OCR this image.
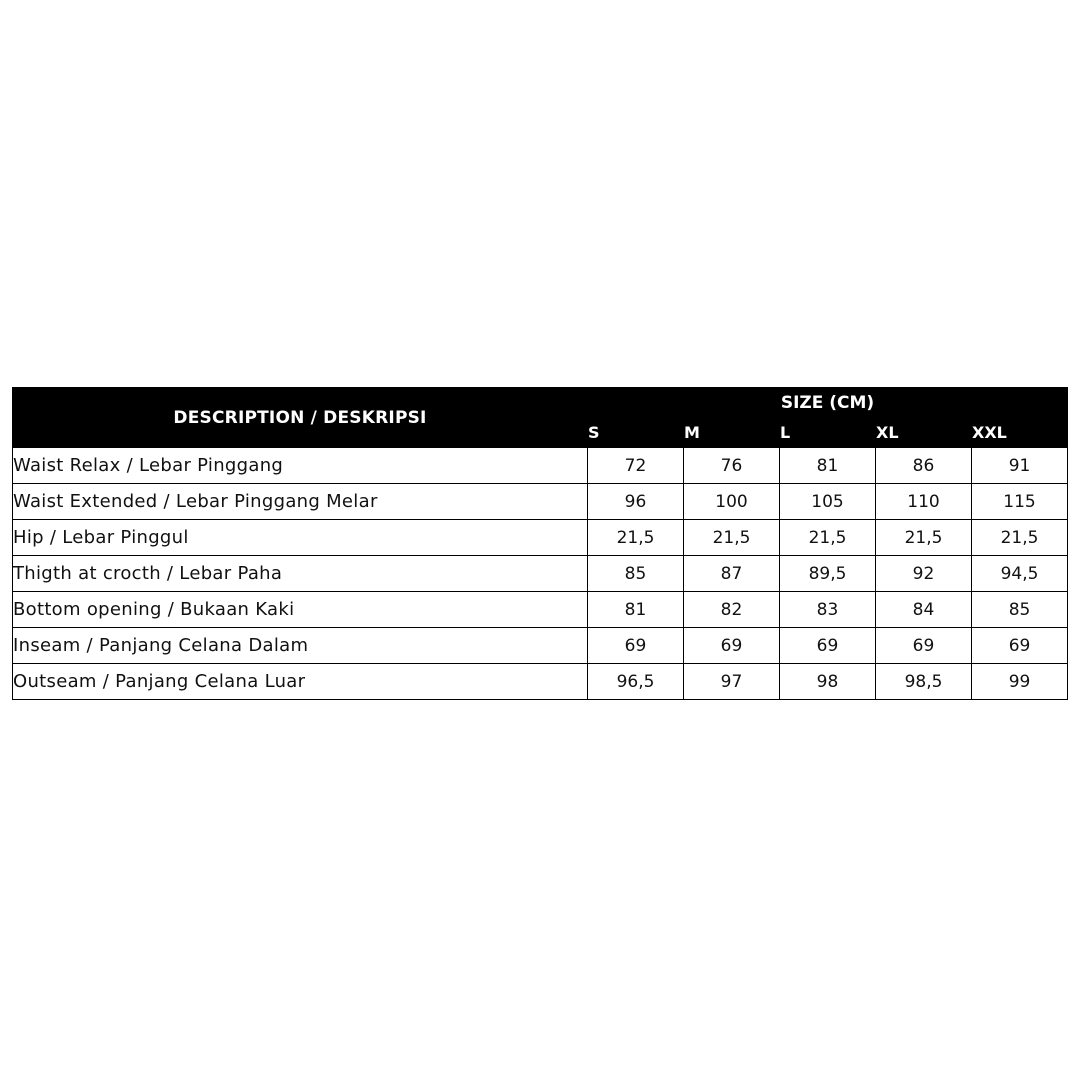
DESCRIPTION / DESKRIPSI	SIZE (CM)				
	S	M	L	XL	XXL
Waist Relax / Lebar Pinggang	72	76	81	86	91
Waist Extended / Lebar Pinggang Melar	96	100	105	110	115
Hip / Lebar Pinggul	21,5	21,5	21,5	21,5	21,5
Thigth at crocth / Lebar Paha	85	87	89,5	92	94,5
Bottom opening / Bukaan Kaki	81	82	83	84	85
Inseam / Panjang Celana Dalam	69	69	69	69	69
Outseam / Panjang Celana Luar	96,5	97	98	98,5	99
